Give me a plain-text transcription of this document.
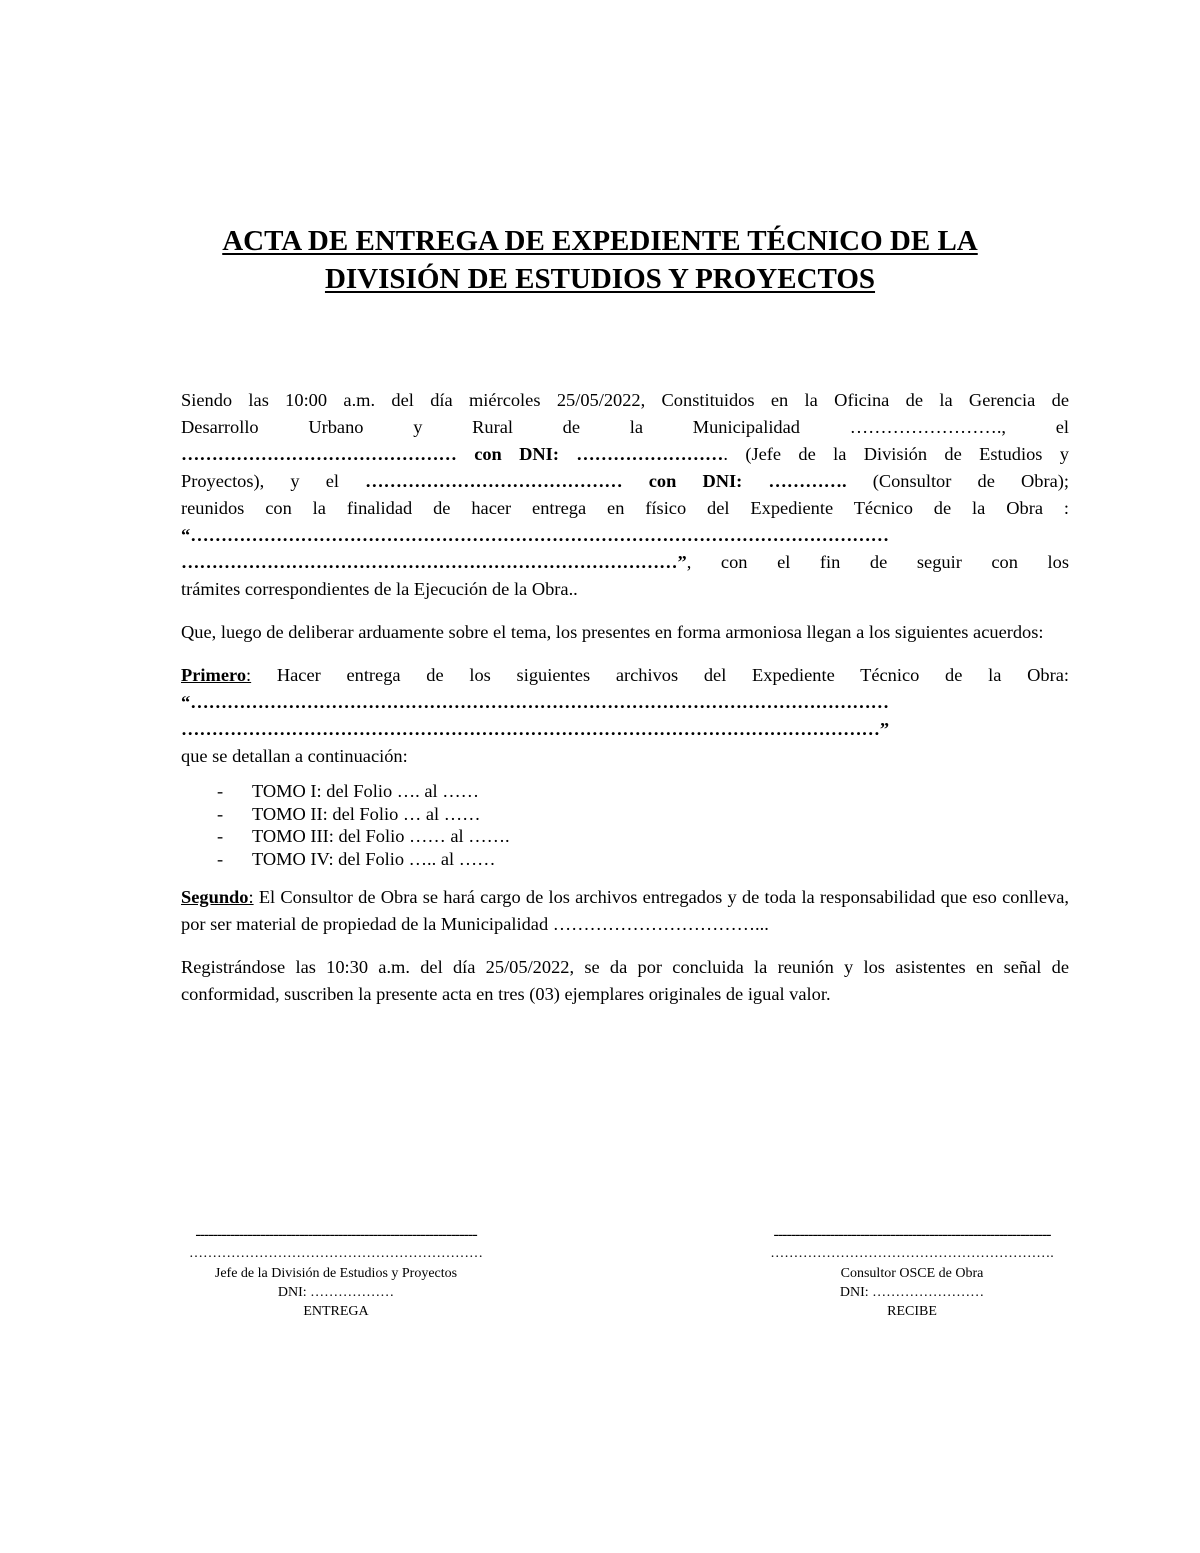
ACTA DE ENTREGA DE EXPEDIENTE TÉCNICO DE LA
DIVISIÓN DE ESTUDIOS Y PROYECTOS
Siendo las 10:00 a.m. del día miércoles 25/05/2022, Constituidos en la Oficina de la Gerencia de
Desarrollo Urbano y Rural de la Municipalidad ……………………., el
……………………………………… con DNI: ……………………. (Jefe de la División de Estudios y
Proyectos), y el …………………………………… con DNI: …………. (Consultor de Obra);
reunidos con la finalidad de hacer entrega en físico del Expediente Técnico de la Obra :
“……………………………………………………………………………………………………
………………………………………………………………………”, con el fin de seguir con los
trámites correspondientes de la Ejecución de la Obra..

Que, luego de deliberar arduamente sobre el tema, los presentes en forma armoniosa llegan a los siguientes acuerdos:

Primero: Hacer entrega de los siguientes archivos del Expediente Técnico de la Obra:
“……………………………………………………………………………………………………
……………………………………………………………………………………………………”
que se detallan a continuación:
- TOMO I: del Folio …. al ……
- TOMO II: del Folio … al ……
- TOMO III: del Folio …… al …….
- TOMO IV: del Folio ….. al ……

Segundo: El Consultor de Obra se hará cargo de los archivos entregados y de toda la responsabilidad que eso conlleva, por ser material de propiedad de la Municipalidad ……………………………...

Registrándose las 10:30 a.m. del día 25/05/2022, se da por concluida la reunión y los asistentes en señal de conformidad, suscriben la presente acta en tres (03) ejemplares originales de igual valor.

-----------------------------------------------------------------
………………………………………………………
Jefe de la División de Estudios y Proyectos
DNI: ………………
ENTREGA
----------------------------------------------------------------
…………………………………………………….
Consultor OSCE de Obra
DNI: ……………………
RECIBE
